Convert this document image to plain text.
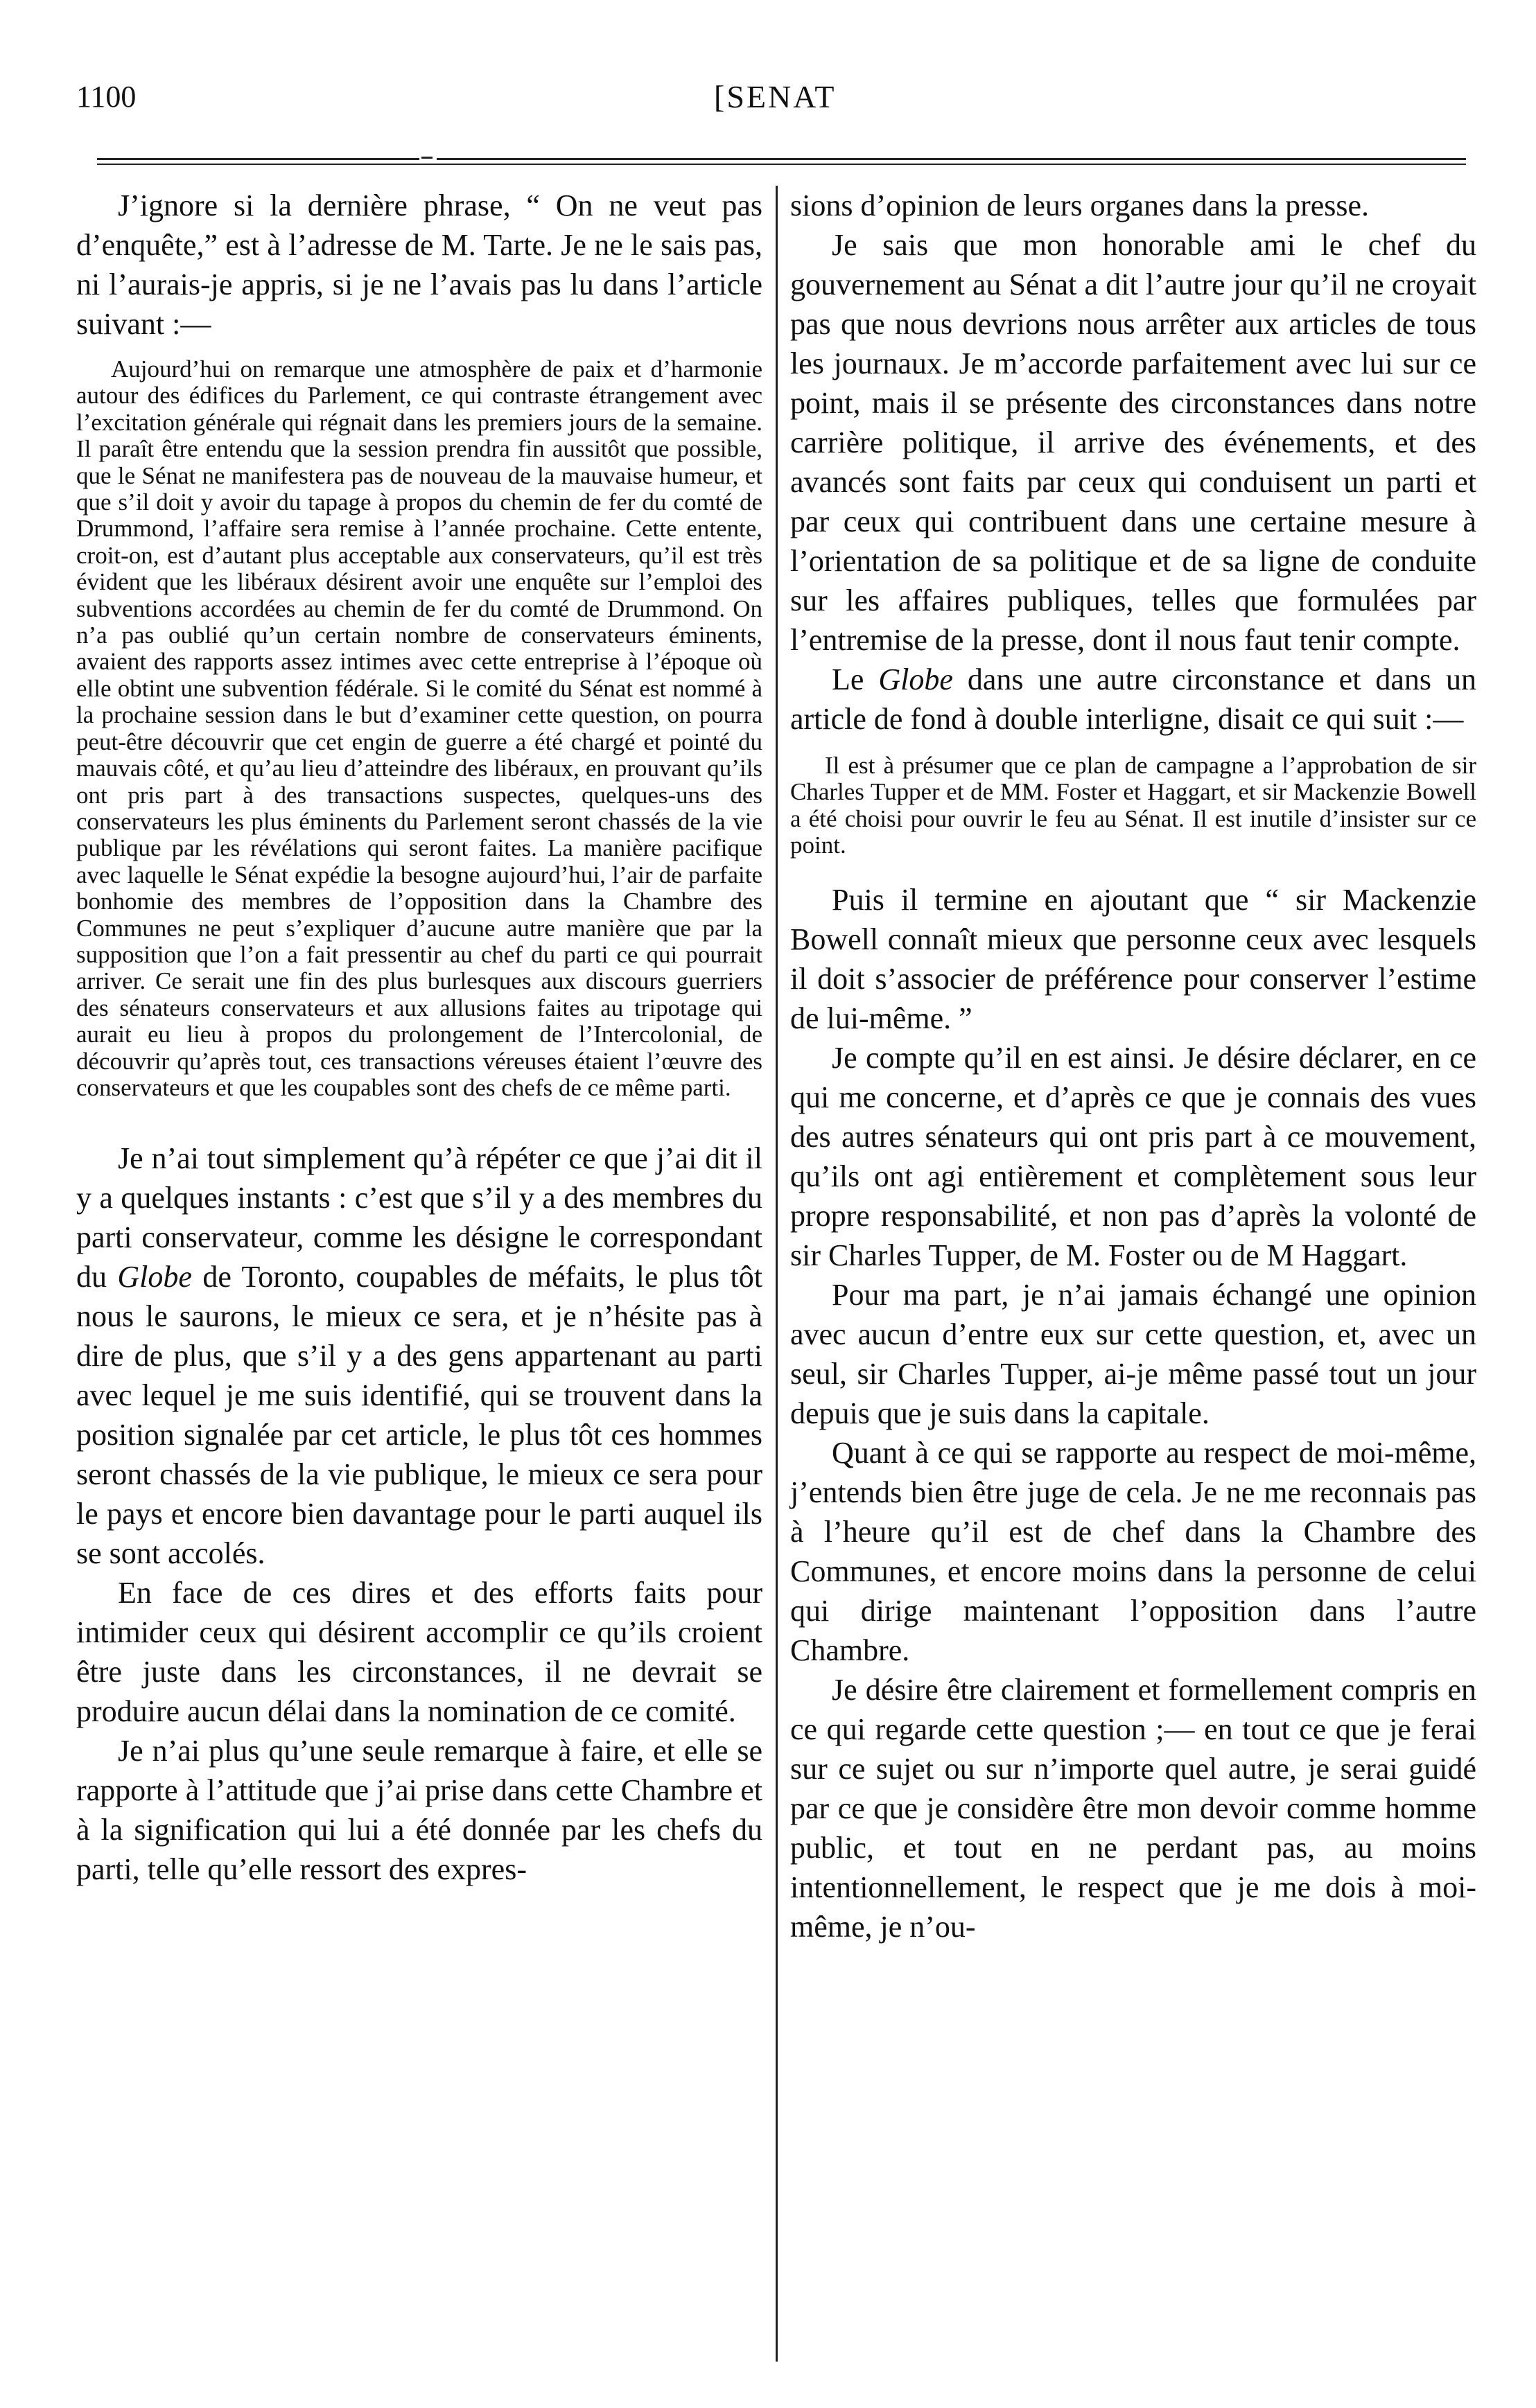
1100	[SENAT

J’ignore si la dernière phrase, “ On ne veut pas d’enquête,” est à l’adresse de M. Tarte. Je ne le sais pas, ni l’aurais-je appris, si je ne l’avais pas lu dans l’article suivant :—

Aujourd’hui on remarque une atmosphère de paix et d’harmonie autour des édifices du Parlement, ce qui contraste étrangement avec l’excitation générale qui régnait dans les premiers jours de la semaine. Il paraît être entendu que la session prendra fin aussitôt que possible, que le Sénat ne manifestera pas de nouveau de la mauvaise humeur, et que s’il doit y avoir du tapage à propos du chemin de fer du comté de Drummond, l’affaire sera remise à l’année prochaine. Cette entente, croit-on, est d’autant plus acceptable aux conservateurs, qu’il est très évident que les libéraux désirent avoir une enquête sur l’emploi des subventions accordées au chemin de fer du comté de Drummond. On n’a pas oublié qu’un certain nombre de conservateurs éminents, avaient des rapports assez intimes avec cette entreprise à l’époque où elle obtint une subvention fédérale. Si le comité du Sénat est nommé à la prochaine session dans le but d’examiner cette question, on pourra peut-être découvrir que cet engin de guerre a été chargé et pointé du mauvais côté, et qu’au lieu d’atteindre des libéraux, en prouvant qu’ils ont pris part à des transactions suspectes, quelques-uns des conservateurs les plus éminents du Parlement seront chassés de la vie publique par les révélations qui seront faites. La manière pacifique avec laquelle le Sénat expédie la besogne aujourd’hui, l’air de parfaite bonhomie des membres de l’opposition dans la Chambre des Communes ne peut s’expliquer d’aucune autre manière que par la supposition que l’on a fait pressentir au chef du parti ce qui pourrait arriver. Ce serait une fin des plus burlesques aux discours guerriers des sénateurs conservateurs et aux allusions faites au tripotage qui aurait eu lieu à propos du prolongement de l’Intercolonial, de découvrir qu’après tout, ces transactions véreuses étaient l’œuvre des conservateurs et que les coupables sont des chefs de ce même parti.

Je n’ai tout simplement qu’à répéter ce que j’ai dit il y a quelques instants : c’est que s’il y a des membres du parti conservateur, comme les désigne le correspondant du Globe de Toronto, coupables de méfaits, le plus tôt nous le saurons, le mieux ce sera, et je n’hésite pas à dire de plus, que s’il y a des gens appartenant au parti avec lequel je me suis identifié, qui se trouvent dans la position signalée par cet article, le plus tôt ces hommes seront chassés de la vie publique, le mieux ce sera pour le pays et encore bien davantage pour le parti auquel ils se sont accolés.

En face de ces dires et des efforts faits pour intimider ceux qui désirent accomplir ce qu’ils croient être juste dans les circonstances, il ne devrait se produire aucun délai dans la nomination de ce comité.

Je n’ai plus qu’une seule remarque à faire, et elle se rapporte à l’attitude que j’ai prise dans cette Chambre et à la signification qui lui a été donnée par les chefs du parti, telle qu’elle ressort des expres-

sions d’opinion de leurs organes dans la presse.

Je sais que mon honorable ami le chef du gouvernement au Sénat a dit l’autre jour qu’il ne croyait pas que nous devrions nous arrêter aux articles de tous les journaux. Je m’accorde parfaitement avec lui sur ce point, mais il se présente des circonstances dans notre carrière politique, il arrive des événements, et des avancés sont faits par ceux qui conduisent un parti et par ceux qui contribuent dans une certaine mesure à l’orientation de sa politique et de sa ligne de conduite sur les affaires publiques, telles que formulées par l’entremise de la presse, dont il nous faut tenir compte.

Le Globe dans une autre circonstance et dans un article de fond à double interligne, disait ce qui suit :—

Il est à présumer que ce plan de campagne a l’approbation de sir Charles Tupper et de MM. Foster et Haggart, et sir Mackenzie Bowell a été choisi pour ouvrir le feu au Sénat. Il est inutile d’insister sur ce point.

Puis il termine en ajoutant que “ sir Mackenzie Bowell connaît mieux que personne ceux avec lesquels il doit s’associer de préférence pour conserver l’estime de lui-même. ”

Je compte qu’il en est ainsi. Je désire déclarer, en ce qui me concerne, et d’après ce que je connais des vues des autres sénateurs qui ont pris part à ce mouvement, qu’ils ont agi entièrement et complètement sous leur propre responsabilité, et non pas d’après la volonté de sir Charles Tupper, de M. Foster ou de M Haggart.

Pour ma part, je n’ai jamais échangé une opinion avec aucun d’entre eux sur cette question, et, avec un seul, sir Charles Tupper, ai-je même passé tout un jour depuis que je suis dans la capitale.

Quant à ce qui se rapporte au respect de moi-même, j’entends bien être juge de cela. Je ne me reconnais pas à l’heure qu’il est de chef dans la Chambre des Communes, et encore moins dans la personne de celui qui dirige maintenant l’opposition dans l’autre Chambre.

Je désire être clairement et formellement compris en ce qui regarde cette question ;— en tout ce que je ferai sur ce sujet ou sur n’importe quel autre, je serai guidé par ce que je considère être mon devoir comme homme public, et tout en ne perdant pas, au moins intentionnellement, le respect que je me dois à moi-même, je n’ou-
